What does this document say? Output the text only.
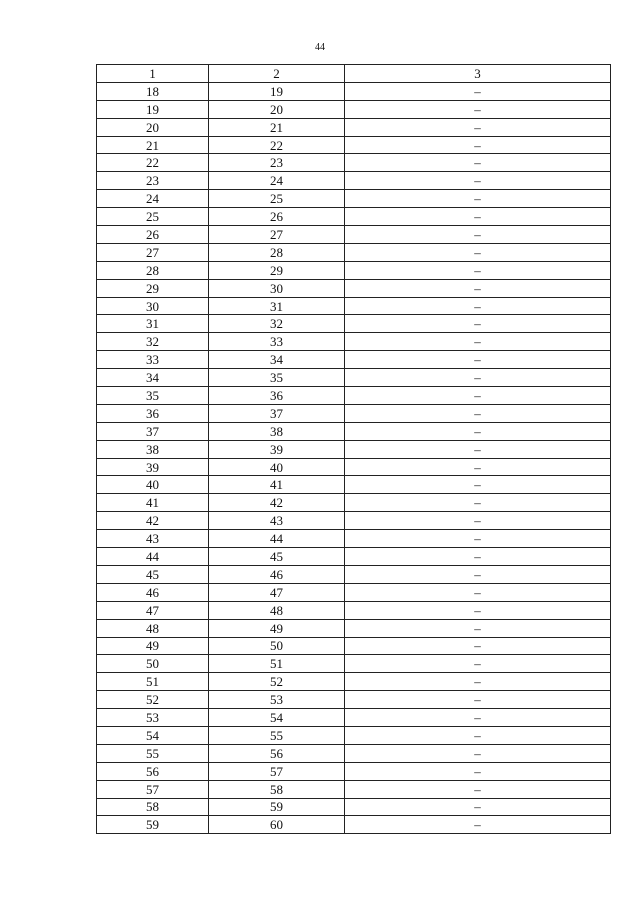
44
1	2	3
18	19	–
19	20	–
20	21	–
21	22	–
22	23	–
23	24	–
24	25	–
25	26	–
26	27	–
27	28	–
28	29	–
29	30	–
30	31	–
31	32	–
32	33	–
33	34	–
34	35	–
35	36	–
36	37	–
37	38	–
38	39	–
39	40	–
40	41	–
41	42	–
42	43	–
43	44	–
44	45	–
45	46	–
46	47	–
47	48	–
48	49	–
49	50	–
50	51	–
51	52	–
52	53	–
53	54	–
54	55	–
55	56	–
56	57	–
57	58	–
58	59	–
59	60	–
